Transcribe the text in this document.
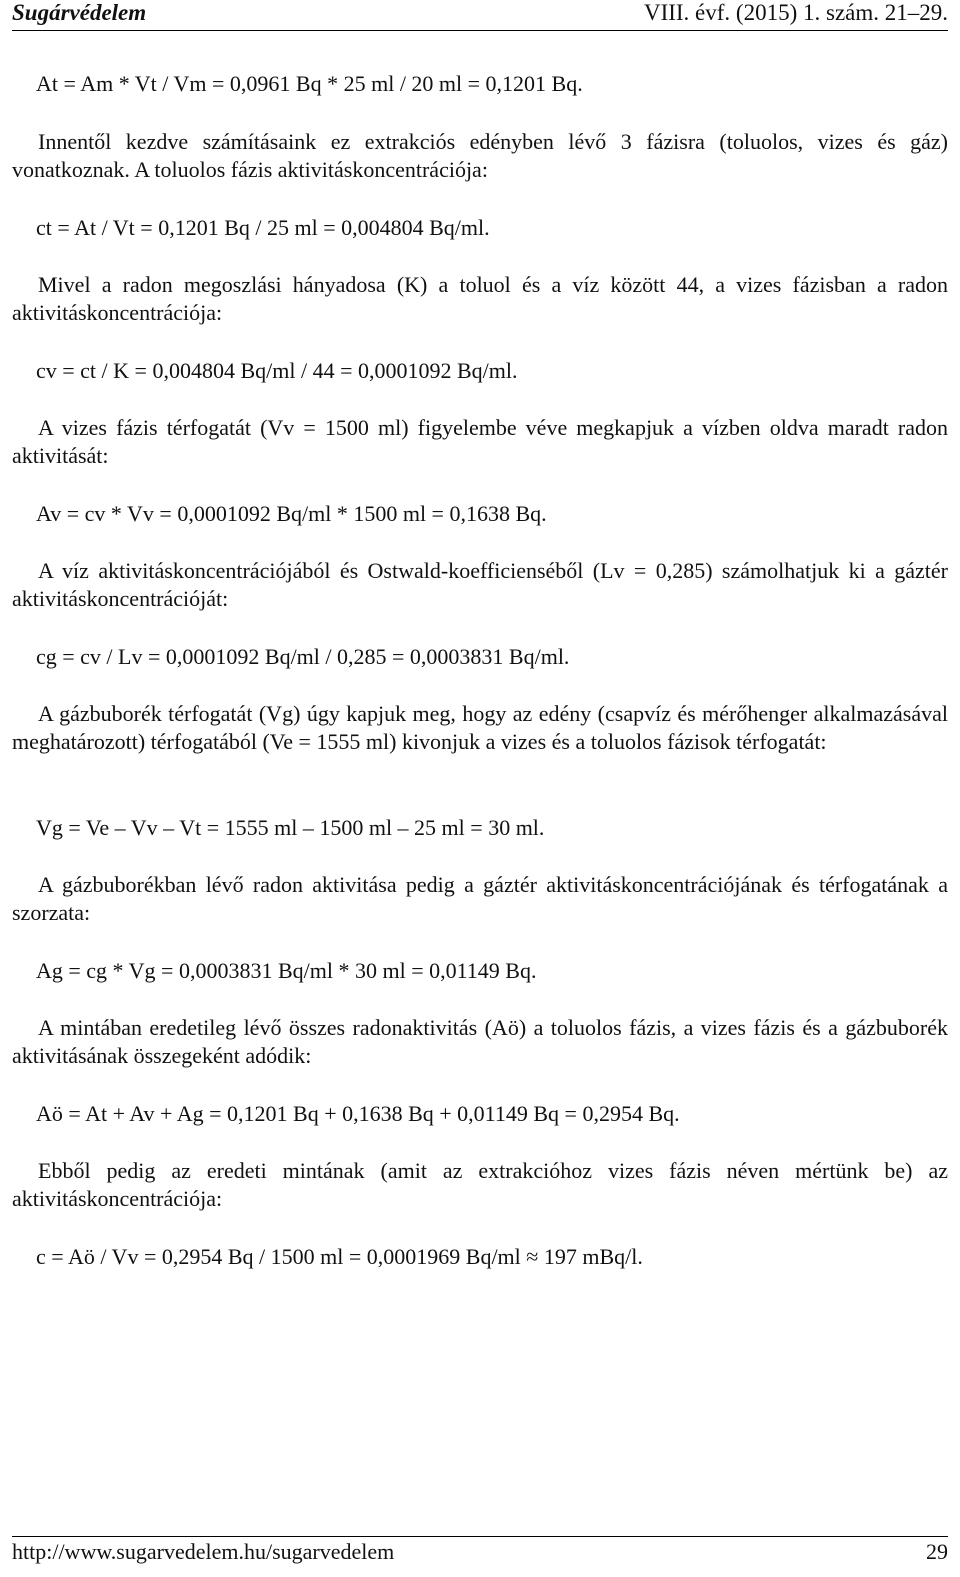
Sugárvédelem	VIII. évf. (2015) 1. szám. 21–29.
At = Am * Vt / Vm = 0,0961 Bq * 25 ml / 20 ml = 0,1201 Bq.
Innentől kezdve számításaink ez extrakciós edényben lévő 3 fázisra (toluolos, vizes és gáz) vonatkoznak. A toluolos fázis aktivitáskoncentrációja:
ct = At / Vt = 0,1201 Bq / 25 ml = 0,004804 Bq/ml.
Mivel a radon megoszlási hányadosa (K) a toluol és a víz között 44, a vizes fázisban a radon aktivitáskoncentrációja:
cv = ct / K = 0,004804 Bq/ml / 44 = 0,0001092 Bq/ml.
A vizes fázis térfogatát (Vv = 1500 ml) figyelembe véve megkapjuk a vízben oldva maradt radon aktivitását:
Av = cv * Vv = 0,0001092 Bq/ml * 1500 ml = 0,1638 Bq.
A víz aktivitáskoncentrációjából és Ostwald-koefficienséből (Lv = 0,285) számolhatjuk ki a gáztér aktivitáskoncentrációját:
cg = cv / Lv = 0,0001092 Bq/ml / 0,285 = 0,0003831 Bq/ml.
A gázbuborék térfogatát (Vg) úgy kapjuk meg, hogy az edény (csapvíz és mérőhenger alkalmazásával meghatározott) térfogatából (Ve = 1555 ml) kivonjuk a vizes és a toluolos fázisok térfogatát:
Vg = Ve – Vv – Vt = 1555 ml – 1500 ml – 25 ml = 30 ml.
A gázbuborékban lévő radon aktivitása pedig a gáztér aktivitáskoncentrációjának és térfogatának a szorzata:
Ag = cg * Vg = 0,0003831 Bq/ml * 30 ml = 0,01149 Bq.
A mintában eredetileg lévő összes radonaktivitás (Aö) a toluolos fázis, a vizes fázis és a gázbuborék aktivitásának összegeként adódik:
Aö = At + Av + Ag = 0,1201 Bq + 0,1638 Bq + 0,01149 Bq = 0,2954 Bq.
Ebből pedig az eredeti mintának (amit az extrakcióhoz vizes fázis néven mértünk be) az aktivitáskoncentrációja:
c = Aö / Vv = 0,2954 Bq / 1500 ml = 0,0001969 Bq/ml ≈ 197 mBq/l.
http://www.sugarvedelem.hu/sugarvedelem	29
